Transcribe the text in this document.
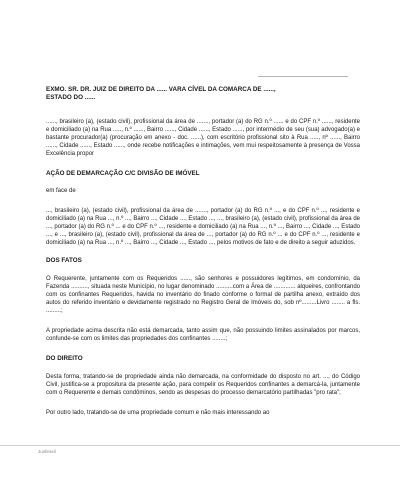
EXMO. SR. DR. JUIZ DE DIREITO DA ...... VARA CÍVEL DA COMARCA DE ......,
ESTADO DO ......

......, brasileiro (a), (estado civil), profissional da área de ......., portador (a) do RG n.º ...... e do CPF n.º ......, residente e domiciliado (a) na Rua ....., n.º ......, Bairro ......, Cidade ......, Estado ......, por intermédio de seu (sua) advogado(a) e bastante procurador(a) (procuração em anexo - doc. ......), com escritório profissional sito à Rua ....., nº ......, Bairro ......, Cidade ......, Estado ......, onde recebe notificações e intimações, vem mui respeitosamente à presença de Vossa Excelência propor

AÇÃO DE DEMARCAÇÃO C/C DIVISÃO DE IMÓVEL

em face de

..., brasileiro (a), (estado civil), profissional da área de ......., portador (a) do RG n.º ..., e do CPF n.º ..., residente e domiciliado (a) na Rua ..., n.º ..., Bairro ..., Cidade ..., Estado ..., ..., brasileiro (a), (estado civil), profissional da área de ..., portador (a) do RG n.º ... e do CPF n.º ..., residente e domiciliado (a) na Rua ..., n.º ..., Bairro ..., Cidade ..., Estado ..., e ..., brasileiro (a), (estado civil), profissional da área de ..., portador (a) do RG n.º ... e do CPF n.º ..., residente e domiciliado (a) na Rua ..., n.º ..., Bairro ..., Cidade ..., Estado ..., pelos motivos de fato e de direito a seguir aduzidos.

DOS FATOS

O Requerente, juntamente com os Requeridos ......, são senhores e possuidores legítimos, em condomínio, da Fazenda .........., situada neste Município, no lugar denominado ..........com a Área de ............. alqueires, confrontando com os confinantes Requeridos, havida no inventário do finado conforme o formal de partilha anexo, extraído dos autos do referido inventário e devidamente registrado no Registro Geral de Imóveis do, sob nº.........Livro ........ a fls. .........;

A propriedade acima descrita não está demarcada, tanto assim que, não possuindo limites assinalados por marcos, confunde-se com os limites das propriedades dos confinantes ........;

DO DIREITO

Desta forma, tratando-se de propriedade ainda não demarcada, na conformidade do disposto no art. ..., do Código Civil, justifica-se a propositura da presente ação, para compelir os Requeridos confinantes a demarcá-la, juntamente com o Requerente e demais condôminos, sendo as despesas do processo demarcatório partilhadas "pro rata";

Por outro lado, tratando-se de uma propriedade comum e não mais interessando ao

Jusbrasil
